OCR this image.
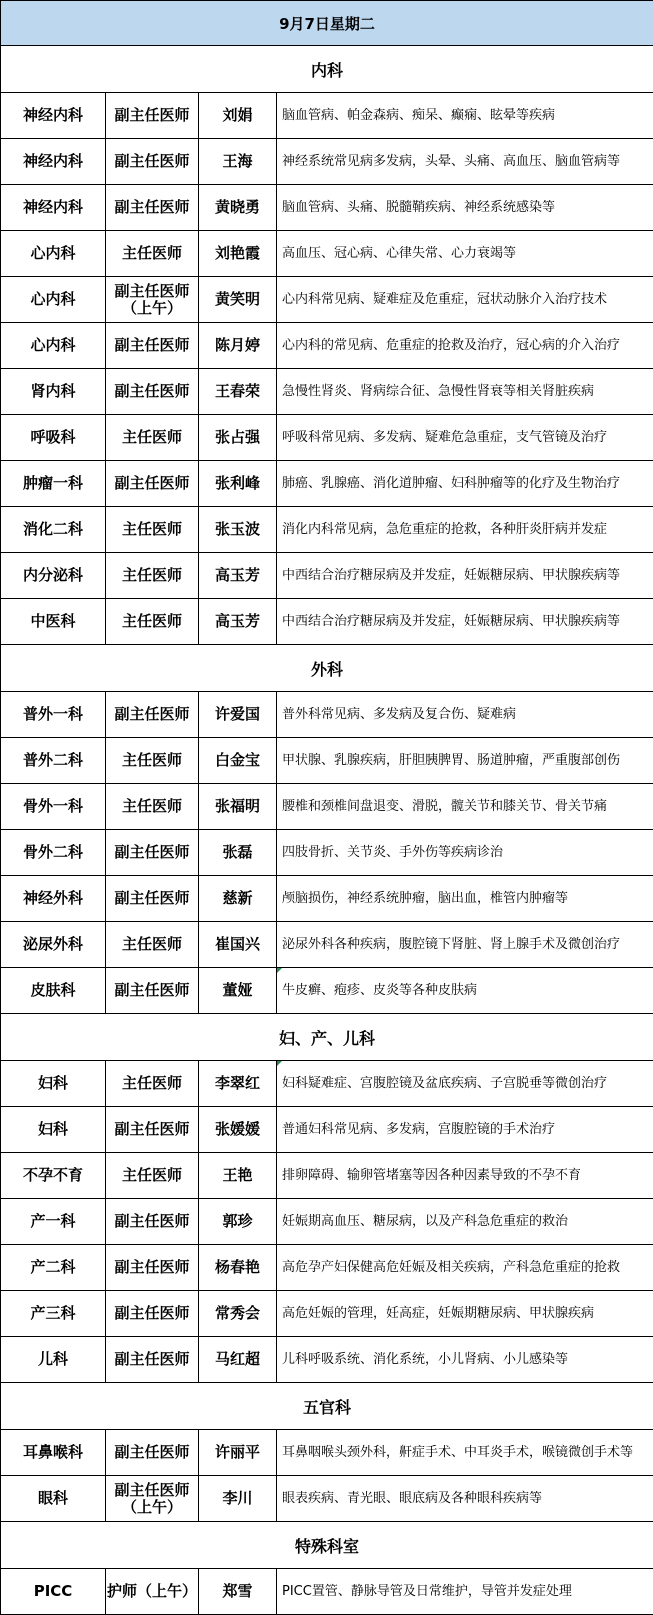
9月7日星期二			
内科			
神经内科	副主任医师	刘娟	脑血管病、帕金森病、痴呆、癫痫、眩晕等疾病
神经内科	副主任医师	王海	神经系统常见病多发病，头晕、头痛、高血压、脑血管病等
神经内科	副主任医师	黄晓勇	脑血管病、头痛、脱髓鞘疾病、神经系统感染等
心内科	主任医师	刘艳霞	高血压、冠心病、心律失常、心力衰竭等
心内科	副主任医师（上午）	黄笑明	心内科常见病、疑难症及危重症，冠状动脉介入治疗技术
心内科	副主任医师	陈月婷	心内科的常见病、危重症的抢救及治疗，冠心病的介入治疗
肾内科	副主任医师	王春荣	急慢性肾炎、肾病综合征、急慢性肾衰等相关肾脏疾病
呼吸科	主任医师	张占强	呼吸科常见病、多发病、疑难危急重症，支气管镜及治疗
肿瘤一科	副主任医师	张利峰	肺癌、乳腺癌、消化道肿瘤、妇科肿瘤等的化疗及生物治疗
消化二科	主任医师	张玉波	消化内科常见病，急危重症的抢救，各种肝炎肝病并发症
内分泌科	主任医师	高玉芳	中西结合治疗糖尿病及并发症，妊娠糖尿病、甲状腺疾病等
中医科	主任医师	高玉芳	中西结合治疗糖尿病及并发症，妊娠糖尿病、甲状腺疾病等
外科			
普外一科	副主任医师	许爱国	普外科常见病、多发病及复合伤、疑难病
普外二科	主任医师	白金宝	甲状腺、乳腺疾病，肝胆胰脾胃、肠道肿瘤，严重腹部创伤
骨外一科	主任医师	张福明	腰椎和颈椎间盘退变、滑脱，髋关节和膝关节、骨关节痛
骨外二科	副主任医师	张磊	四肢骨折、关节炎、手外伤等疾病诊治
神经外科	副主任医师	慈新	颅脑损伤，神经系统肿瘤，脑出血，椎管内肿瘤等
泌尿外科	主任医师	崔国兴	泌尿外科各种疾病，腹腔镜下肾脏、肾上腺手术及微创治疗
皮肤科	副主任医师	董娅	牛皮癣、疱疹、皮炎等各种皮肤病
妇、产、儿科			
妇科	主任医师	李翠红	妇科疑难症、宫腹腔镜及盆底疾病、子宫脱垂等微创治疗
妇科	副主任医师	张媛媛	普通妇科常见病、多发病，宫腹腔镜的手术治疗
不孕不育	主任医师	王艳	排卵障碍、输卵管堵塞等因各种因素导致的不孕不育
产一科	副主任医师	郭珍	妊娠期高血压、糖尿病，以及产科急危重症的救治
产二科	副主任医师	杨春艳	高危孕产妇保健高危妊娠及相关疾病，产科急危重症的抢救
产三科	副主任医师	常秀会	高危妊娠的管理，妊高症，妊娠期糖尿病、甲状腺疾病
儿科	副主任医师	马红超	儿科呼吸系统、消化系统，小儿肾病、小儿感染等
五官科			
耳鼻喉科	副主任医师	许丽平	耳鼻咽喉头颈外科，鼾症手术、中耳炎手术，喉镜微创手术等
眼科	副主任医师（上午）	李川	眼表疾病、青光眼、眼底病及各种眼科疾病等
特殊科室			
PICC	护师（上午）	郑雪	PICC置管、静脉导管及日常维护，导管并发症处理
